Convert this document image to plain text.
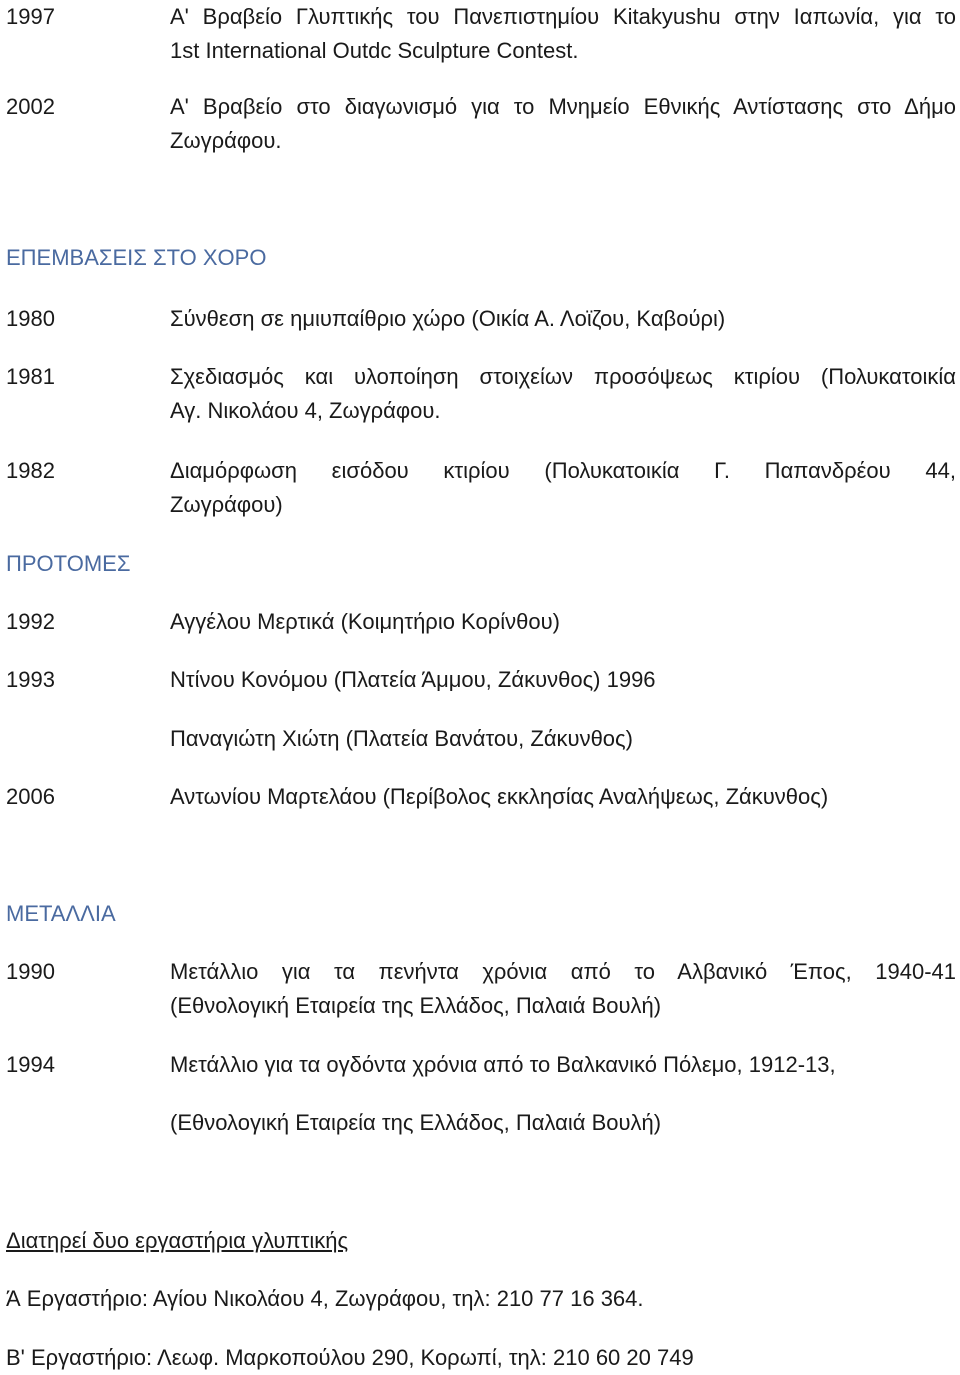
1997	Α' Βραβείο Γλυπτικής του Πανεπιστημίου Kitakyushu στην Ιαπωνία, για το
1st International Outdc Sculpture Contest.
2002	Α' Βραβείο στο διαγωνισμό για το Μνημείο Εθνικής Αντίστασης στο Δήμο
Ζωγράφου.
ΕΠΕΜΒΑΣΕΙΣ ΣΤΟ ΧΟΡΟ
1980	Σύνθεση σε ημιυπαίθριο χώρο (Οικία Α. Λοϊζου, Καβούρι)
1981	Σχεδιασμός και υλοποίηση στοιχείων προσόψεως κτιρίου (Πολυκατοικία
Αγ. Νικολάου 4, Ζωγράφου.
1982	Διαμόρφωση εισόδου κτιρίου (Πολυκατοικία Γ. Παπανδρέου 44,
Ζωγράφου)
ΠΡΟΤΟΜΕΣ
1992	Αγγέλου Μερτικά (Κοιμητήριο Κορίνθου)
1993	Ντίνου Κονόμου (Πλατεία Άμμου, Ζάκυνθος) 1996
Παναγιώτη Χιώτη (Πλατεία Βανάτου, Ζάκυνθος)
2006	Αντωνίου Μαρτελάου (Περίβολος εκκλησίας Αναλήψεως, Ζάκυνθος)
ΜΕΤΑΛΛΙΑ
1990	Μετάλλιο για τα πενήντα χρόνια από το Αλβανικό Έπος, 1940-41
(Εθνολογική Εταιρεία της Ελλάδος, Παλαιά Βουλή)
1994	Μετάλλιο για τα ογδόντα χρόνια από το Βαλκανικό Πόλεμο, 1912-13,
(Εθνολογική Εταιρεία της Ελλάδος, Παλαιά Βουλή)
Διατηρεί δυο εργαστήρια γλυπτικής
Ά Εργαστήριο: Αγίου Νικολάου 4, Ζωγράφου, τηλ: 210 77 16 364.
Β' Εργαστήριο: Λεωφ. Μαρκοπούλου 290, Κορωπί, τηλ: 210 60 20 749
